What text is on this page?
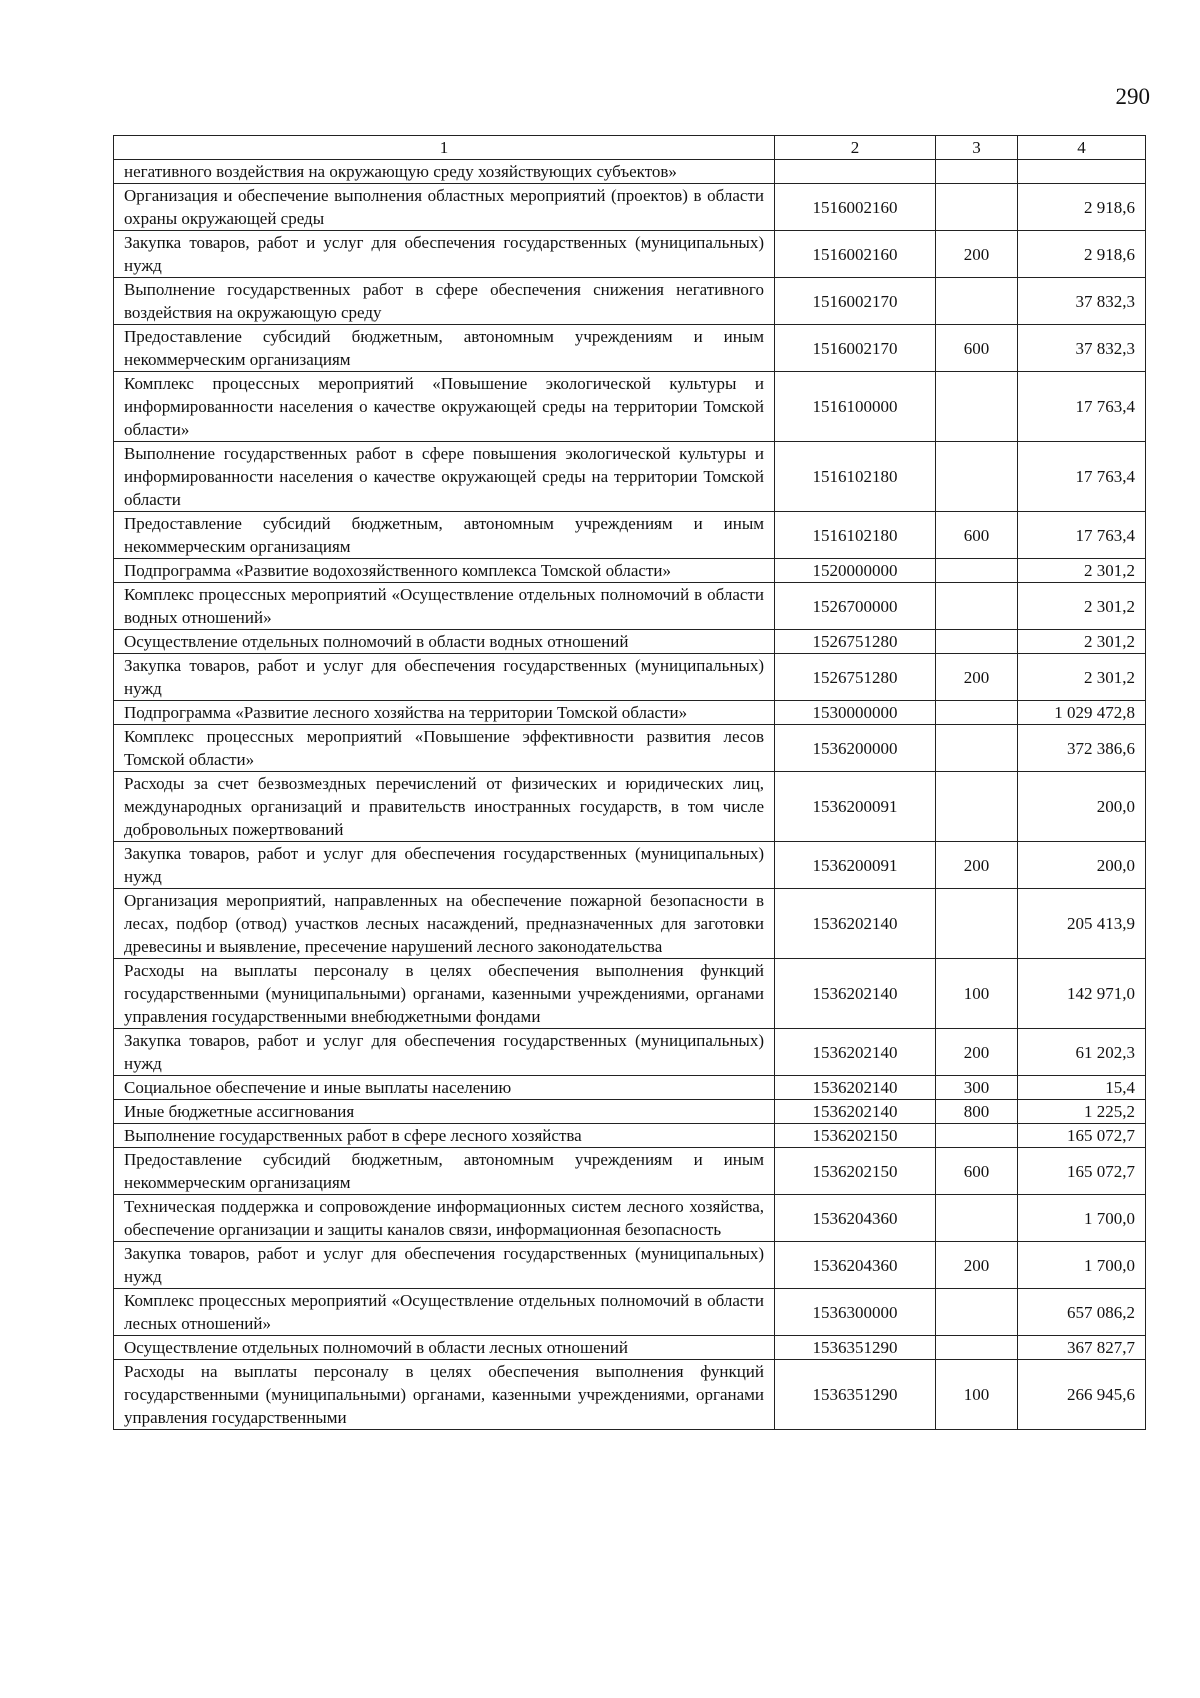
290
1	2	3	4
негативного воздействия на окружающую среду хозяйствующих субъектов»			
Организация и обеспечение выполнения областных мероприятий (проектов) в области охраны окружающей среды	1516002160		2 918,6
Закупка товаров, работ и услуг для обеспечения государственных (муниципальных) нужд	1516002160	200	2 918,6
Выполнение государственных работ в сфере обеспечения снижения негативного воздействия на окружающую среду	1516002170		37 832,3
Предоставление субсидий бюджетным, автономным учреждениям и иным некоммерческим организациям	1516002170	600	37 832,3
Комплекс процессных мероприятий «Повышение экологической культуры и информированности населения о качестве окружающей среды на территории Томской области»	1516100000		17 763,4
Выполнение государственных работ в сфере повышения экологической культуры и информированности населения о качестве окружающей среды на территории Томской области	1516102180		17 763,4
Предоставление субсидий бюджетным, автономным учреждениям и иным некоммерческим организациям	1516102180	600	17 763,4
Подпрограмма «Развитие водохозяйственного комплекса Томской области»	1520000000		2 301,2
Комплекс процессных мероприятий «Осуществление отдельных полномочий в области водных отношений»	1526700000		2 301,2
Осуществление отдельных полномочий в области водных отношений	1526751280		2 301,2
Закупка товаров, работ и услуг для обеспечения государственных (муниципальных) нужд	1526751280	200	2 301,2
Подпрограмма «Развитие лесного хозяйства на территории Томской области»	1530000000		1 029 472,8
Комплекс процессных мероприятий «Повышение эффективности развития лесов Томской области»	1536200000		372 386,6
Расходы за счет безвозмездных перечислений от физических и юридических лиц, международных организаций и правительств иностранных государств, в том числе добровольных пожертвований	1536200091		200,0
Закупка товаров, работ и услуг для обеспечения государственных (муниципальных) нужд	1536200091	200	200,0
Организация мероприятий, направленных на обеспечение пожарной безопасности в лесах, подбор (отвод) участков лесных насаждений, предназначенных для заготовки древесины и выявление, пресечение нарушений лесного законодательства	1536202140		205 413,9
Расходы на выплаты персоналу в целях обеспечения выполнения функций государственными (муниципальными) органами, казенными учреждениями, органами управления государственными внебюджетными фондами	1536202140	100	142 971,0
Закупка товаров, работ и услуг для обеспечения государственных (муниципальных) нужд	1536202140	200	61 202,3
Социальное обеспечение и иные выплаты населению	1536202140	300	15,4
Иные бюджетные ассигнования	1536202140	800	1 225,2
Выполнение государственных работ в сфере лесного хозяйства	1536202150		165 072,7
Предоставление субсидий бюджетным, автономным учреждениям и иным некоммерческим организациям	1536202150	600	165 072,7
Техническая поддержка и сопровождение информационных систем лесного хозяйства, обеспечение организации и защиты каналов связи, информационная безопасность	1536204360		1 700,0
Закупка товаров, работ и услуг для обеспечения государственных (муниципальных) нужд	1536204360	200	1 700,0
Комплекс процессных мероприятий «Осуществление отдельных полномочий в области лесных отношений»	1536300000		657 086,2
Осуществление отдельных полномочий в области лесных отношений	1536351290		367 827,7
Расходы на выплаты персоналу в целях обеспечения выполнения функций государственными (муниципальными) органами, казенными учреждениями, органами управления государственными	1536351290	100	266 945,6
